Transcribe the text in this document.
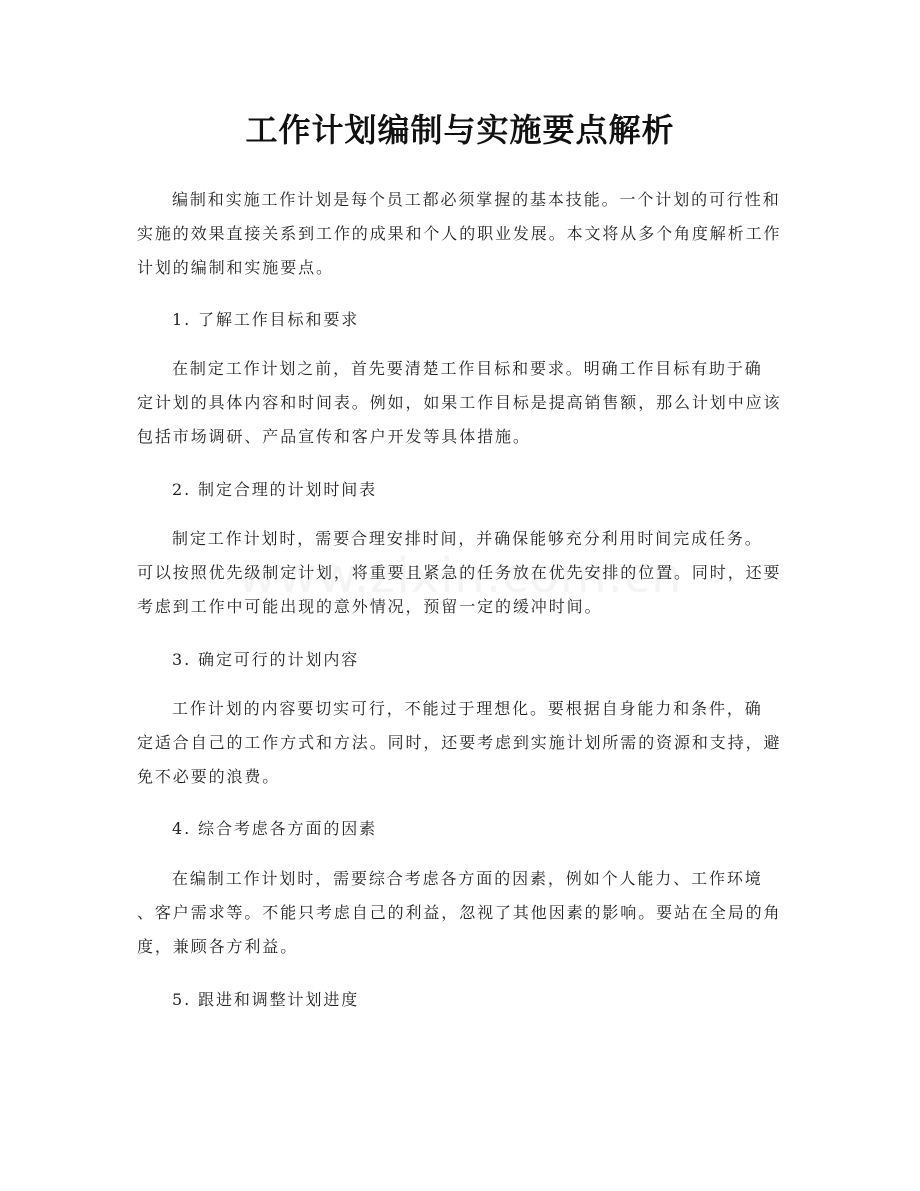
工作计划编制与实施要点解析
编制和实施工作计划是每个员工都必须掌握的基本技能。一个计划的可行性和
实施的效果直接关系到工作的成果和个人的职业发展。本文将从多个角度解析工作
计划的编制和实施要点。
1. 了解工作目标和要求
在制定工作计划之前，首先要清楚工作目标和要求。明确工作目标有助于确
定计划的具体内容和时间表。例如，如果工作目标是提高销售额，那么计划中应该
包括市场调研、产品宣传和客户开发等具体措施。
2. 制定合理的计划时间表
制定工作计划时，需要合理安排时间，并确保能够充分利用时间完成任务。
可以按照优先级制定计划，将重要且紧急的任务放在优先安排的位置。同时，还要
考虑到工作中可能出现的意外情况，预留一定的缓冲时间。
3. 确定可行的计划内容
工作计划的内容要切实可行，不能过于理想化。要根据自身能力和条件，确
定适合自己的工作方式和方法。同时，还要考虑到实施计划所需的资源和支持，避
免不必要的浪费。
4. 综合考虑各方面的因素
在编制工作计划时，需要综合考虑各方面的因素，例如个人能力、工作环境
、客户需求等。不能只考虑自己的利益，忽视了其他因素的影响。要站在全局的角
度，兼顾各方利益。
5. 跟进和调整计划进度
